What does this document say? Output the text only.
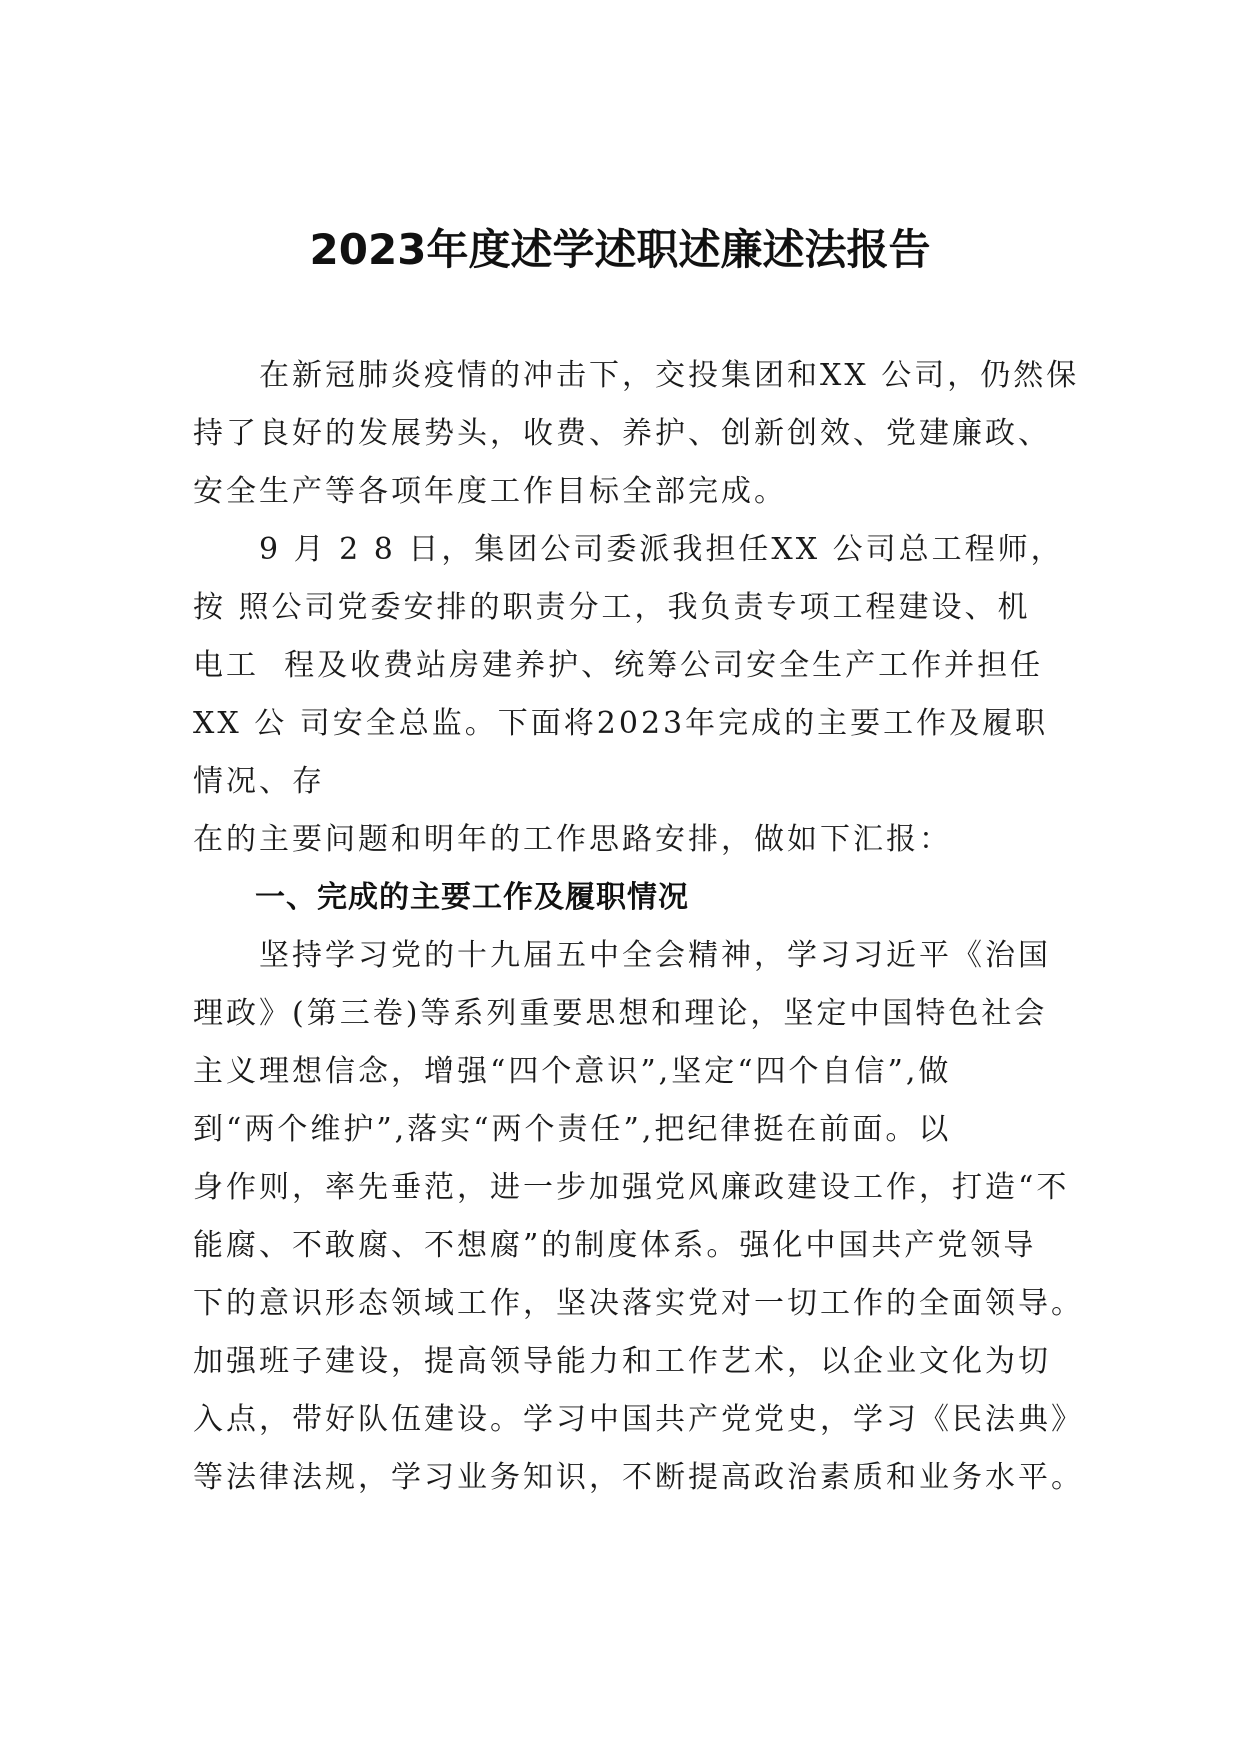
2023年度述学述职述廉述法报告
　　在新冠肺炎疫情的冲击下，交投集团和XX 公司，仍然保
持了良好的发展势头，收费、养护、创新创效、党建廉政、
安全生产等各项年度工作目标全部完成。
　　9 月 2 8 日，集团公司委派我担任XX 公司总工程师，
按 照公司党委安排的职责分工，我负责专项工程建设、机
电工  程及收费站房建养护、统筹公司安全生产工作并担任
XX 公 司安全总监。下面将2023年完成的主要工作及履职
情况、存
在的主要问题和明年的工作思路安排，做如下汇报：
　　一、完成的主要工作及履职情况
　　坚持学习党的十九届五中全会精神，学习习近平《治国
理政》(第三卷)等系列重要思想和理论，坚定中国特色社会
主义理想信念，增强“四个意识”,坚定“四个自信”,做
到“两个维护”,落实“两个责任”,把纪律挺在前面。以
身作则，率先垂范，进一步加强党风廉政建设工作，打造“不
能腐、不敢腐、不想腐”的制度体系。强化中国共产党领导
下的意识形态领域工作，坚决落实党对一切工作的全面领导。
加强班子建设，提高领导能力和工作艺术，以企业文化为切
入点，带好队伍建设。学习中国共产党党史，学习《民法典》
等法律法规，学习业务知识，不断提高政治素质和业务水平。
